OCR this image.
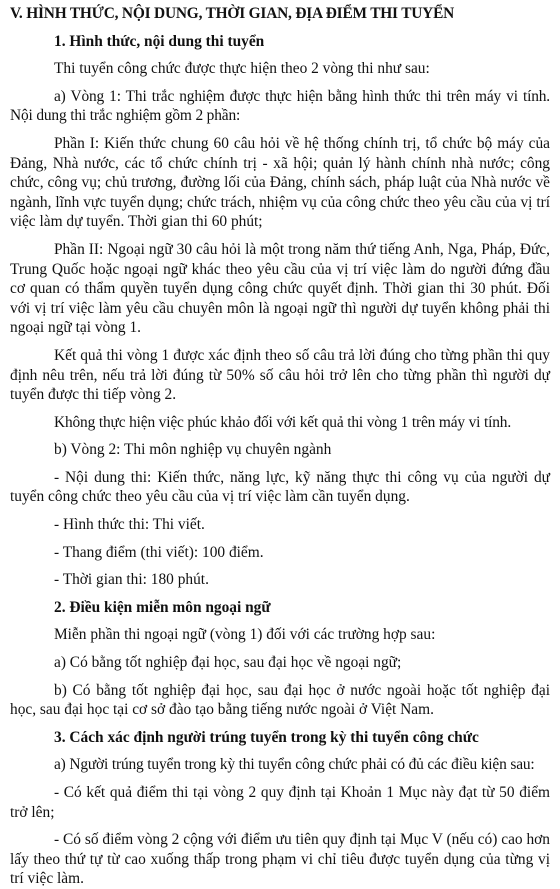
V. HÌNH THỨC, NỘI DUNG, THỜI GIAN, ĐỊA ĐIỂM THI TUYỂN

1. Hình thức, nội dung thi tuyển

Thi tuyển công chức được thực hiện theo 2 vòng thi như sau:

a) Vòng 1: Thi trắc nghiệm được thực hiện bằng hình thức thi trên máy vi tính. Nội dung thi trắc nghiệm gồm 2 phần:

Phần I: Kiến thức chung 60 câu hỏi về hệ thống chính trị, tổ chức bộ máy của Đảng, Nhà nước, các tổ chức chính trị - xã hội; quản lý hành chính nhà nước; công chức, công vụ; chủ trương, đường lối của Đảng, chính sách, pháp luật của Nhà nước về ngành, lĩnh vực tuyển dụng; chức trách, nhiệm vụ của công chức theo yêu cầu của vị trí việc làm dự tuyển. Thời gian thi 60 phút;

Phần II: Ngoại ngữ 30 câu hỏi là một trong năm thứ tiếng Anh, Nga, Pháp, Đức, Trung Quốc hoặc ngoại ngữ khác theo yêu cầu của vị trí việc làm do người đứng đầu cơ quan có thẩm quyền tuyển dụng công chức quyết định. Thời gian thi 30 phút. Đối với vị trí việc làm yêu cầu chuyên môn là ngoại ngữ thì người dự tuyển không phải thi ngoại ngữ tại vòng 1.

Kết quả thi vòng 1 được xác định theo số câu trả lời đúng cho từng phần thi quy định nêu trên, nếu trả lời đúng từ 50% số câu hỏi trở lên cho từng phần thì người dự tuyển được thi tiếp vòng 2.

Không thực hiện việc phúc khảo đối với kết quả thi vòng 1 trên máy vi tính.

b) Vòng 2: Thi môn nghiệp vụ chuyên ngành

- Nội dung thi: Kiến thức, năng lực, kỹ năng thực thi công vụ của người dự tuyển công chức theo yêu cầu của vị trí việc làm cần tuyển dụng.

- Hình thức thi: Thi viết.

- Thang điểm (thi viết): 100 điểm.

- Thời gian thi: 180 phút.

2. Điều kiện miễn môn ngoại ngữ

Miễn phần thi ngoại ngữ (vòng 1) đối với các trường hợp sau:

a) Có bằng tốt nghiệp đại học, sau đại học về ngoại ngữ;

b) Có bằng tốt nghiệp đại học, sau đại học ở nước ngoài hoặc tốt nghiệp đại học, sau đại học tại cơ sở đào tạo bằng tiếng nước ngoài ở Việt Nam.

3. Cách xác định người trúng tuyển trong kỳ thi tuyển công chức

a) Người trúng tuyển trong kỳ thi tuyển công chức phải có đủ các điều kiện sau:

- Có kết quả điểm thi tại vòng 2 quy định tại Khoản 1 Mục này đạt từ 50 điểm trở lên;

- Có số điểm vòng 2 cộng với điểm ưu tiên quy định tại Mục V (nếu có) cao hơn lấy theo thứ tự từ cao xuống thấp trong phạm vi chỉ tiêu được tuyển dụng của từng vị trí việc làm.
